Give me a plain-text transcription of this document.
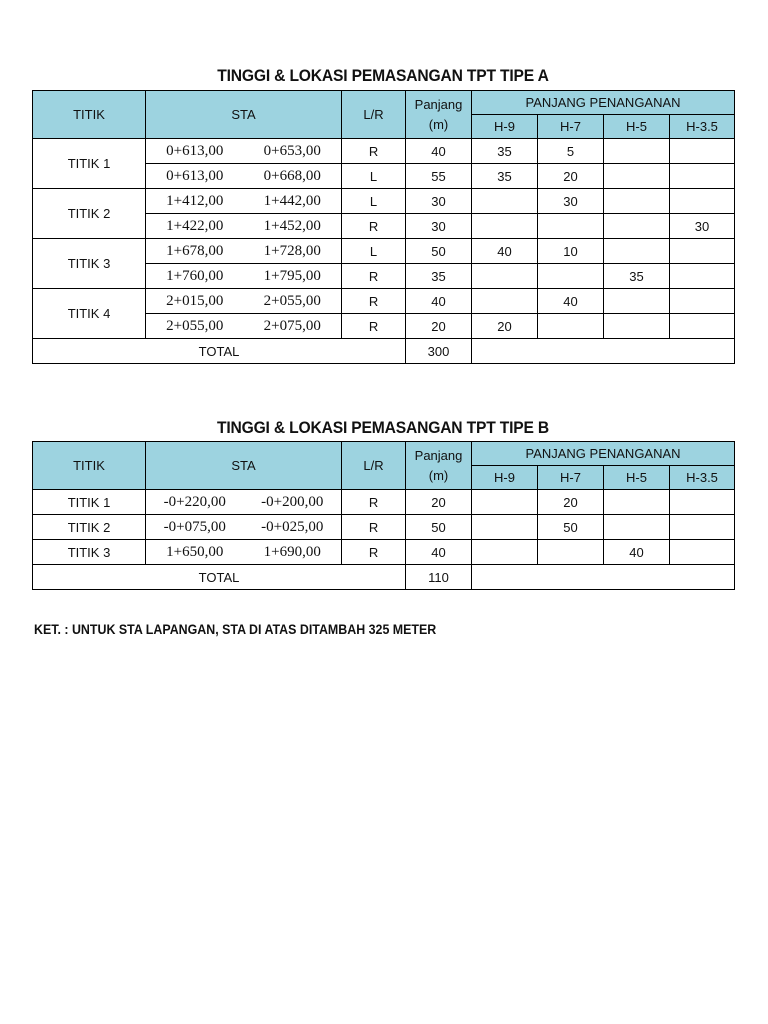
TINGGI & LOKASI PEMASANGAN TPT TIPE A
TITIK	STA		L/R	Panjang
(m)	PANJANG PENANGANAN			
					H-9	H-7	H-5	H-3.5
TITIK 1	0+613,00	0+653,00	R	40	35	5		
	0+613,00	0+668,00	L	55	35	20		
TITIK 2	1+412,00	1+442,00	L	30		30		
	1+422,00	1+452,00	R	30				30
TITIK 3	1+678,00	1+728,00	L	50	40	10		
	1+760,00	1+795,00	R	35			35	
TITIK 4	2+015,00	2+055,00	R	40		40		
	2+055,00	2+075,00	R	20	20			
TOTAL				300				
TINGGI & LOKASI PEMASANGAN TPT TIPE B
TITIK	STA		L/R	Panjang
(m)	PANJANG PENANGANAN			
					H-9	H-7	H-5	H-3.5
TITIK 1	-0+220,00	-0+200,00	R	20		20		
TITIK 2	-0+075,00	-0+025,00	R	50		50		
TITIK 3	1+650,00	1+690,00	R	40			40	
TOTAL				110				
KET. : UNTUK STA LAPANGAN, STA DI ATAS DITAMBAH 325 METER
